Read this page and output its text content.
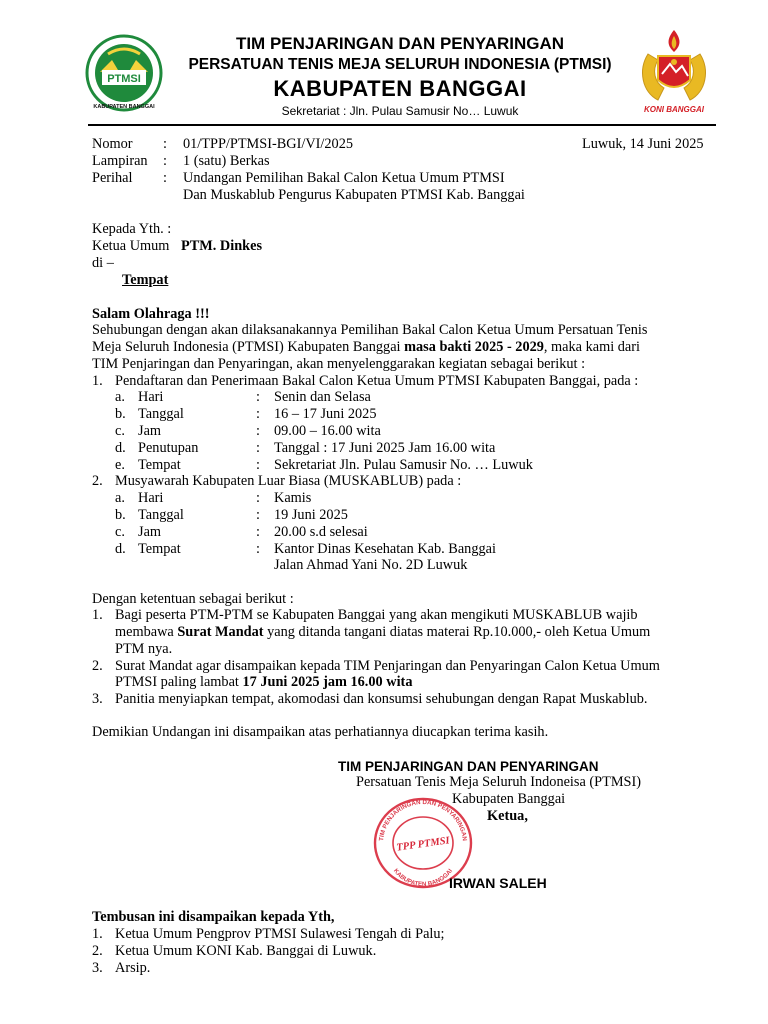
PTMSI
KABUPATEN BANGGAI
TIM PENJARINGAN DAN PENYARINGAN
PERSATUAN TENIS MEJA SELURUH INDONESIA (PTMSI)
KABUPATEN BANGGAI
Sekretariat : Jln. Pulau Samusir No… Luwuk	KONI BANGGAI
Nomor : 01/TPP/PTMSI-BGI/VI/2025	Luwuk, 14 Juni 2025
Lampiran : 1 (satu) Berkas
Perihal : Undangan Pemilihan Bakal Calon Ketua Umum PTMSI
Dan Muskablub Pengurus Kabupaten PTMSI Kab. Banggai
Kepada Yth. :
Ketua Umum PTM. Dinkes
di –
Tempat
Salam Olahraga !!!
Sehubungan dengan akan dilaksanakannya Pemilihan Bakal Calon Ketua Umum Persatuan Tenis
Meja Seluruh Indonesia (PTMSI) Kabupaten Banggai masa bakti 2025 - 2029, maka kami dari
TIM Penjaringan dan Penyaringan, akan menyelenggarakan kegiatan sebagai berikut :
1. Pendaftaran dan Penerimaan Bakal Calon Ketua Umum PTMSI Kabupaten Banggai, pada :
a. Hari	: Senin dan Selasa
b. Tanggal	: 16 – 17 Juni 2025
c. Jam	: 09.00 – 16.00 wita
d. Penutupan	: Tanggal : 17 Juni 2025 Jam 16.00 wita
e. Tempat	: Sekretariat Jln. Pulau Samusir No. … Luwuk
2. Musyawarah Kabupaten Luar Biasa (MUSKABLUB) pada :
a. Hari	: Kamis
b. Tanggal	: 19 Juni 2025
c. Jam	: 20.00 s.d selesai
d. Tempat	: Kantor Dinas Kesehatan Kab. Banggai
Jalan Ahmad Yani No. 2D Luwuk
Dengan ketentuan sebagai berikut :
1. Bagi peserta PTM-PTM se Kabupaten Banggai yang akan mengikuti MUSKABLUB wajib
membawa Surat Mandat yang ditanda tangani diatas materai Rp.10.000,- oleh Ketua Umum
PTM nya.
2. Surat Mandat agar disampaikan kepada TIM Penjaringan dan Penyaringan Calon Ketua Umum
PTMSI paling lambat 17 Juni 2025 jam 16.00 wita
3. Panitia menyiapkan tempat, akomodasi dan konsumsi sehubungan dengan Rapat Muskablub.
Demikian Undangan ini disampaikan atas perhatiannya diucapkan terima kasih.
TIM PENJARINGAN DAN PENYARINGAN
Persatuan Tenis Meja Seluruh Indoneisa (PTMSI)
Kabupaten Banggai
Ketua,
TIM PENJARINGAN DAN PENYARINGAN
KABUPATEN BANGGAI
TPP PTMSI
IRWAN SALEH
Tembusan ini disampaikan kepada Yth,
1. Ketua Umum Pengprov PTMSI Sulawesi Tengah di Palu;
2. Ketua Umum KONI Kab. Banggai di Luwuk.
3. Arsip.
